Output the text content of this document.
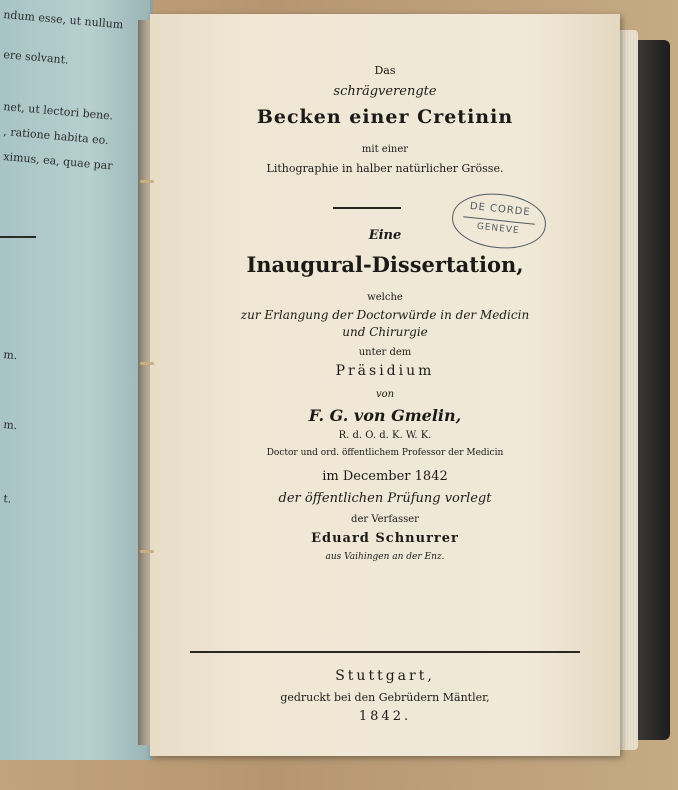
ndum esse, ut nullum
ere solvant.
net, ut lectori bene.
, ratione habita eo.
ximus, ea, quae par
m.
m.
t.
Das
schrägverengte
Becken einer Cretinin
mit einer
Lithographie in halber natürlicher Grösse.
Eine
Inaugural-Dissertation,
welche
zur Erlangung der Doctorwürde in der Medicin
und Chirurgie
unter dem
Präsidium
von
F. G. von Gmelin,
R. d. O. d. K. W. K.
Doctor und ord. öffentlichem Professor der Medicin
im December 1842
der öffentlichen Prüfung vorlegt
der Verfasser
Eduard Schnurrer
aus Vaihingen an der Enz.
Stuttgart,
gedruckt bei den Gebrüdern Mäntler,
1842.
DE CORDE
GENEVE
